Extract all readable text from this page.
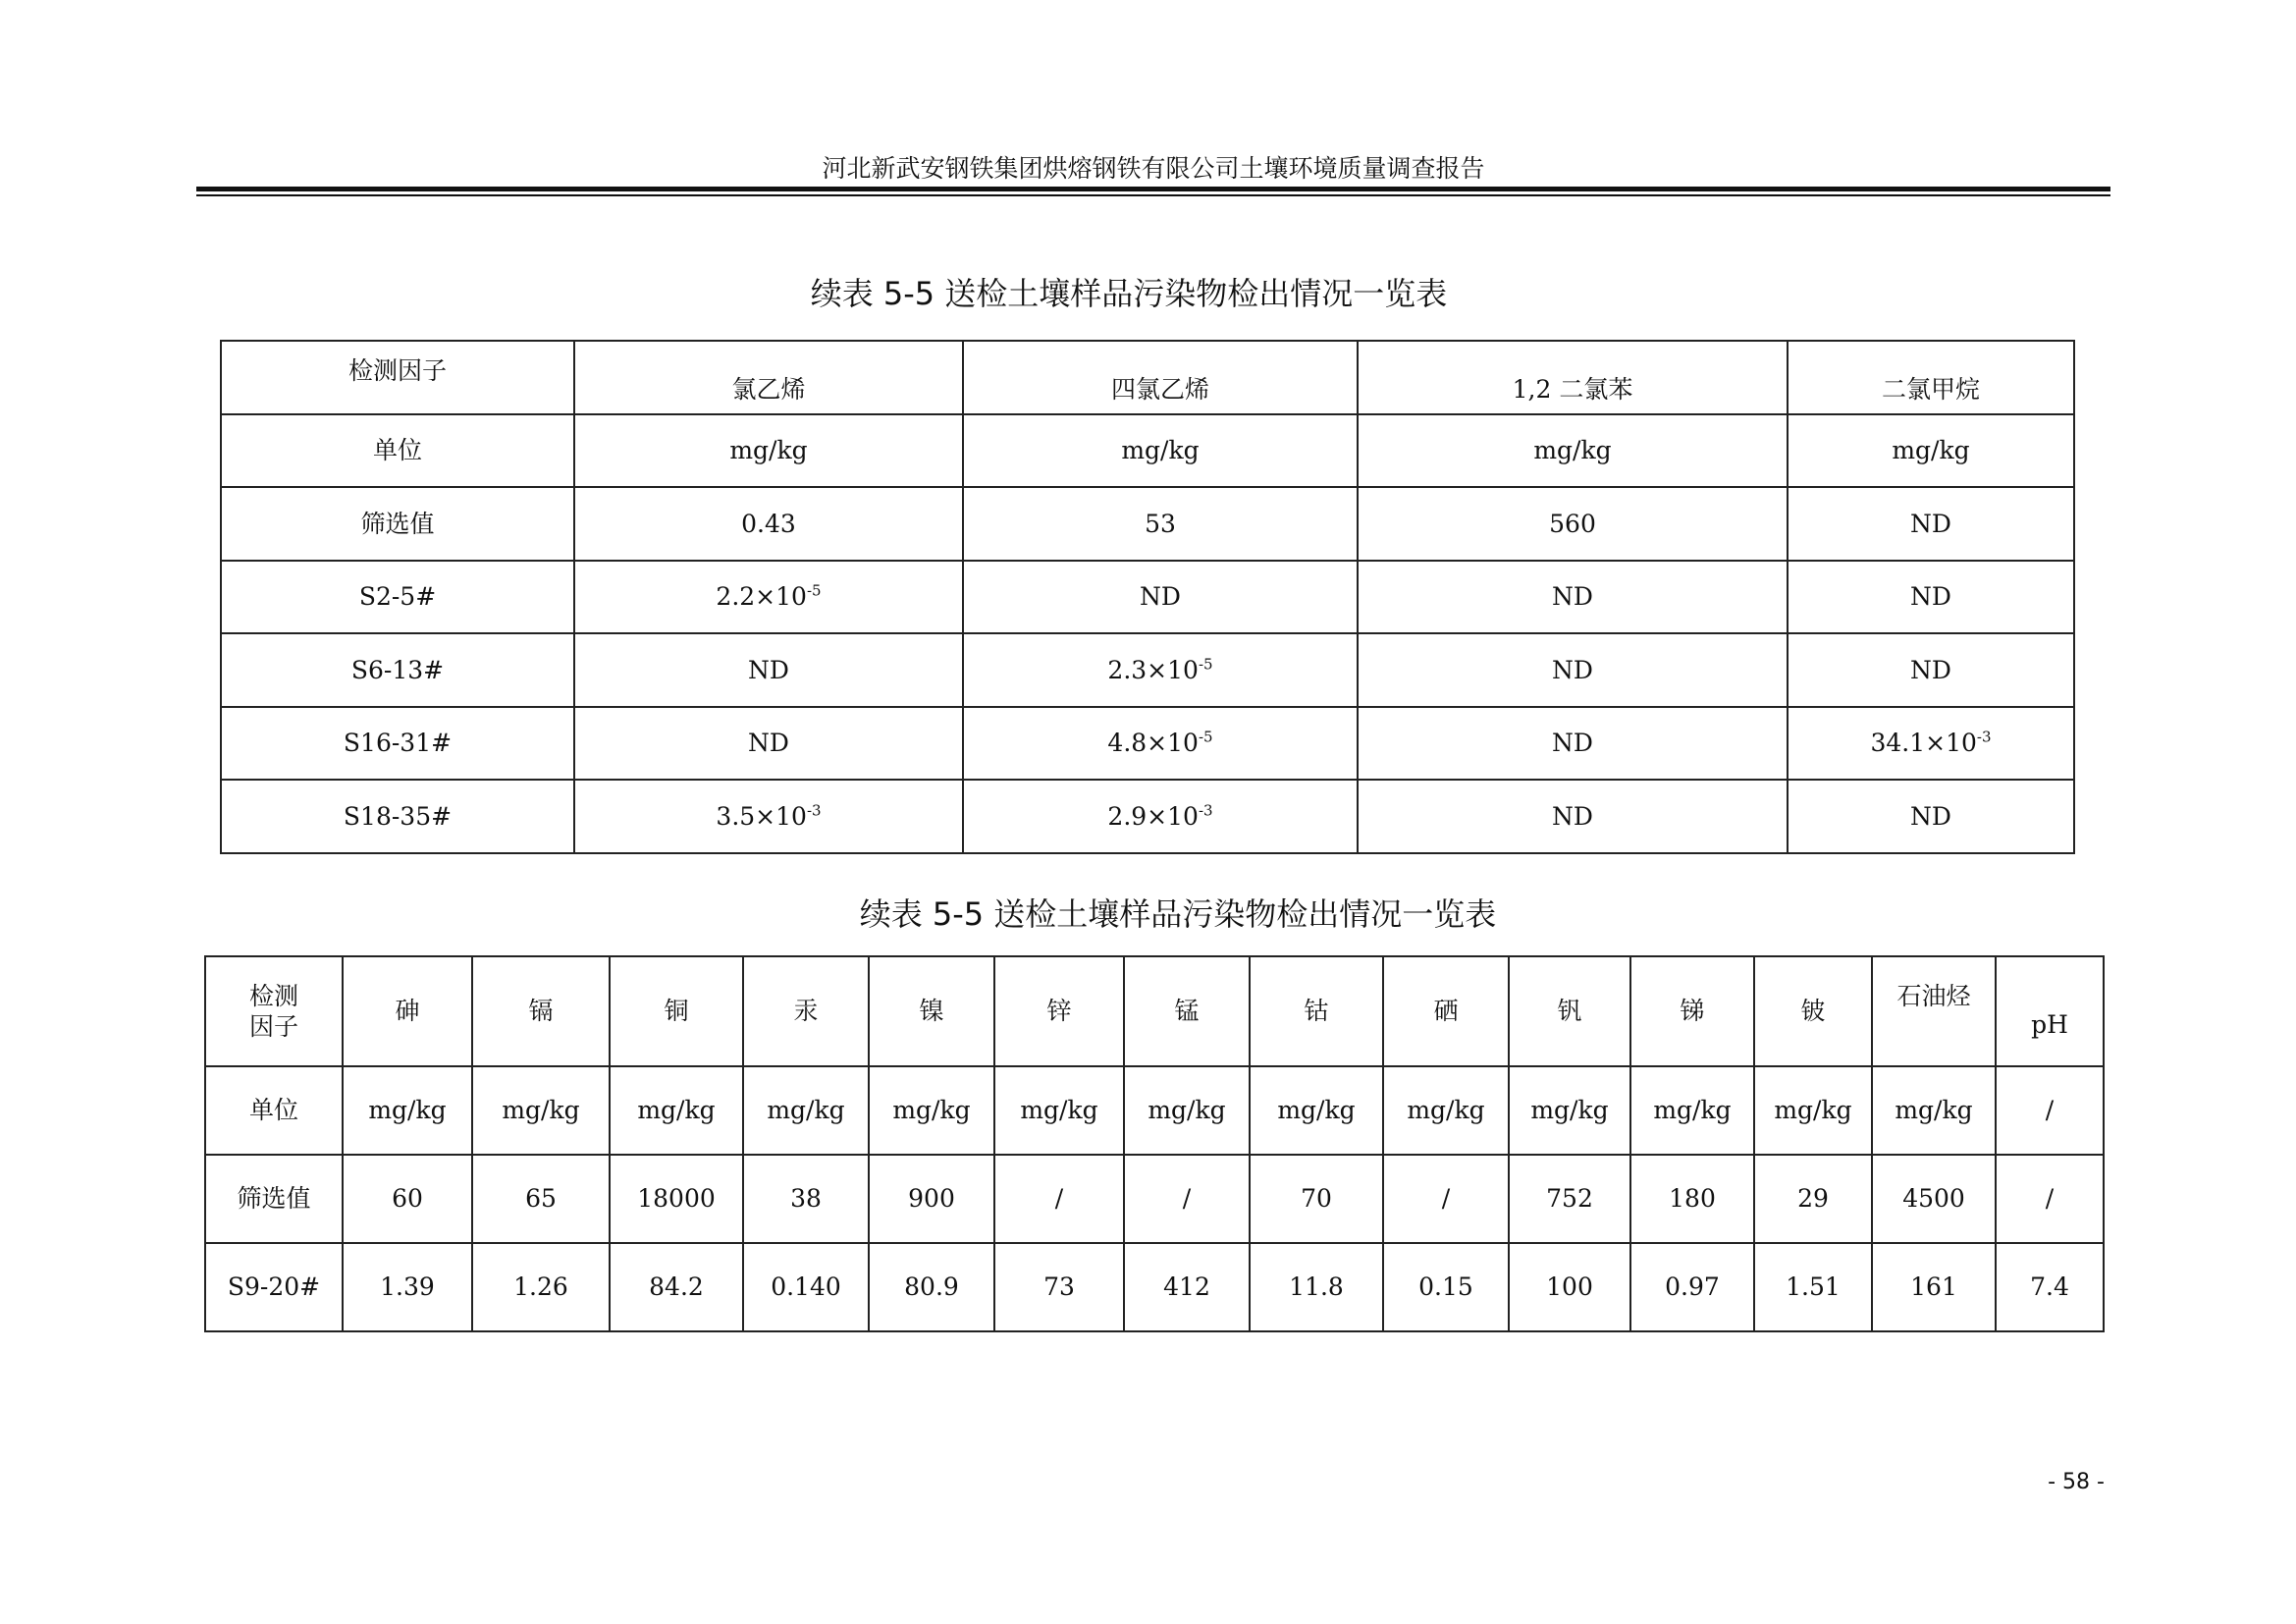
河北新武安钢铁集团烘熔钢铁有限公司土壤环境质量调查报告
续表 5-5 送检土壤样品污染物检出情况一览表
检测因子	氯乙烯	四氯乙烯	1,2 二氯苯	二氯甲烷
单位	mg/kg	mg/kg	mg/kg	mg/kg
筛选值	0.43	53	560	ND
S2-5#	$2.2\times 10^{-5}$	ND	ND	ND
S6-13#	ND	$2.3\times 10^{-5}$	ND	ND
S16-31#	ND	$4.8\times 10^{-5}$	ND	$34.1\times 10^{-3}$
S18-35#	$3.5\times 10^{-3}$	$2.9\times 10^{-3}$	ND	ND
续表 5-5 送检土壤样品污染物检出情况一览表
检测
因子	砷	镉	铜	汞	镍	锌	锰	钴	硒	钒	锑	铍	石油烃	pH
单位	mg/kg	mg/kg	mg/kg	mg/kg	mg/kg	mg/kg	mg/kg	mg/kg	mg/kg	mg/kg	mg/kg	mg/kg	mg/kg	/
筛选值	60	65	18000	38	900	/	/	70	/	752	180	29	4500	/
S9-20#	1.39	1.26	84.2	0.140	80.9	73	412	11.8	0.15	100	0.97	1.51	161	7.4
- 58 -
